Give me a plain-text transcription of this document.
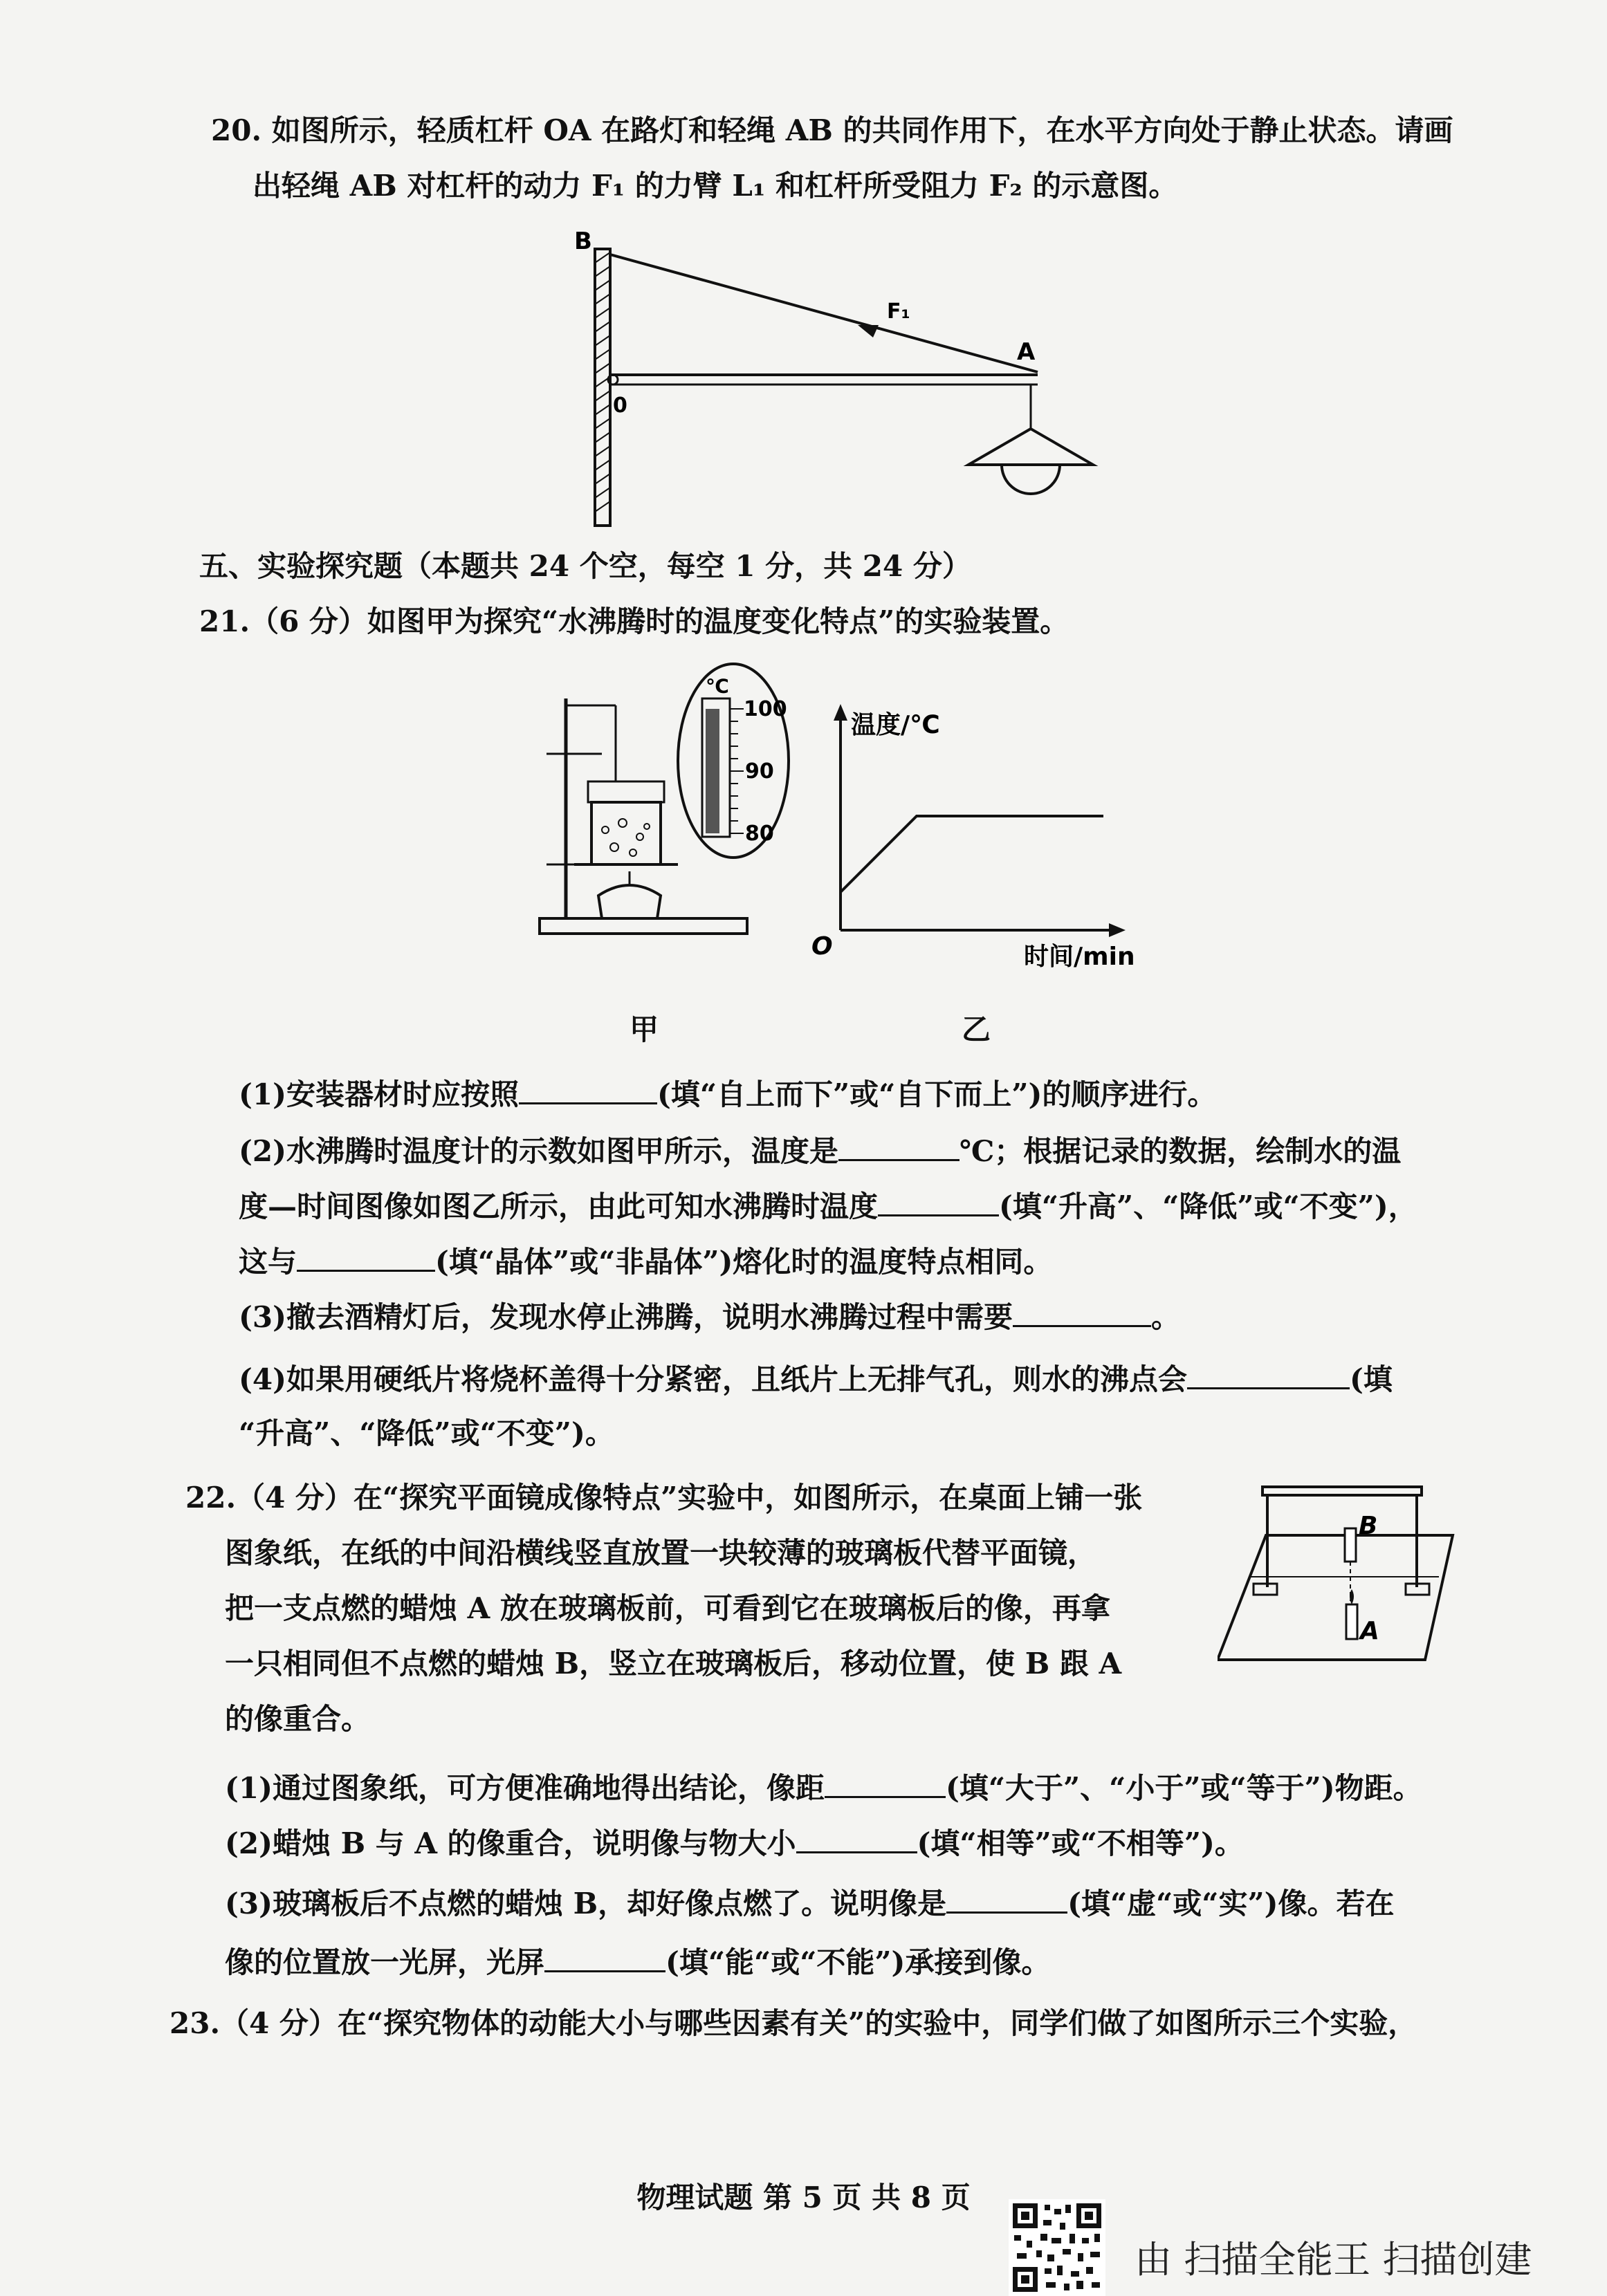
20. 如图所示，轻质杠杆 OA 在路灯和轻绳 AB 的共同作用下，在水平方向处于静止状态。请画
出轻绳 AB 对杠杆的动力 F₁ 的力臂 L₁ 和杠杆所受阻力 F₂ 的示意图。
B
A
0
F₁
五、实验探究题（本题共 24 个空，每空 1 分，共 24 分）
21.（6 分）如图甲为探究“水沸腾时的温度变化特点”的实验装置。
℃
100
90
80
温度/℃
时间/min
O
甲	乙
(1)安装器材时应按照	(填“自上而下”或“自下而上”)的顺序进行。
(2)水沸腾时温度计的示数如图甲所示，温度是	℃；根据记录的数据，绘制水的温
度—时间图像如图乙所示，由此可知水沸腾时温度	(填“升高”、“降低”或“不变”)，
这与	(填“晶体”或“非晶体”)熔化时的温度特点相同。
(3)撤去酒精灯后，发现水停止沸腾，说明水沸腾过程中需要	。
(4)如果用硬纸片将烧杯盖得十分紧密，且纸片上无排气孔，则水的沸点会	(填
“升高”、“降低”或“不变”)。
22.（4 分）在“探究平面镜成像特点”实验中，如图所示，在桌面上铺一张
图象纸，在纸的中间沿横线竖直放置一块较薄的玻璃板代替平面镜，
把一支点燃的蜡烛 A 放在玻璃板前，可看到它在玻璃板后的像，再拿
一只相同但不点燃的蜡烛 B，竖立在玻璃板后，移动位置，使 B 跟 A
的像重合。
B
A
(1)通过图象纸，可方便准确地得出结论，像距	(填“大于”、“小于”或“等于”)物距。
(2)蜡烛 B 与 A 的像重合，说明像与物大小	(填“相等”或“不相等”)。
(3)玻璃板后不点燃的蜡烛 B，却好像点燃了。说明像是	(填“虚“或“实”)像。若在
像的位置放一光屏，光屏	(填“能“或“不能”)承接到像。
23.（4 分）在“探究物体的动能大小与哪些因素有关”的实验中，同学们做了如图所示三个实验，
物理试题 第 5 页 共 8 页
由 扫描全能王 扫描创建
